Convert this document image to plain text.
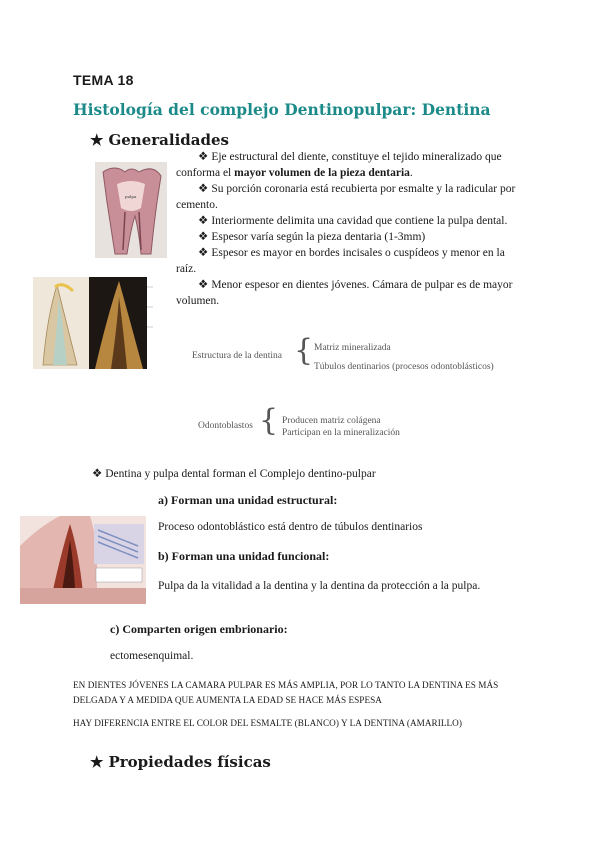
TEMA 18
Histología del complejo Dentinopulpar: Dentina
★ Generalidades
pulpa
❖ Eje estructural del diente, constituye el tejido mineralizado que conforma el mayor volumen de la pieza dentaria.
❖ Su porción coronaria está recubierta por esmalte y la radicular por cemento.
❖ Interiormente delimita una cavidad que contiene la pulpa dental.
❖ Espesor varía según la pieza dentaria (1-3mm)
❖ Espesor es mayor en bordes incisales o cuspídeos y menor en la raíz.
❖ Menor espesor en dientes jóvenes. Cámara de pulpar es de mayor volumen.
Estructura de la dentina { Matriz mineralizada
Túbulos dentinarios (procesos odontoblásticos)
Odontoblastos { Producen matriz colágena
Participan en la mineralización
❖ Dentina y pulpa dental forman el Complejo dentino-pulpar
a) Forman una unidad estructural:
Proceso odontoblástico está dentro de túbulos dentinarios
b) Forman una unidad funcional:
Pulpa da la vitalidad a la dentina y la dentina da protección a la pulpa.
c) Comparten origen embrionario:
ectomesenquimal.
EN DIENTES JÓVENES LA CAMARA PULPAR ES MÁS AMPLIA, POR LO TANTO LA DENTINA ES MÁS DELGADA Y A MEDIDA QUE AUMENTA LA EDAD SE HACE MÁS ESPESA
HAY DIFERENCIA ENTRE EL COLOR DEL ESMALTE (BLANCO) Y LA DENTINA (AMARILLO)
★ Propiedades físicas
